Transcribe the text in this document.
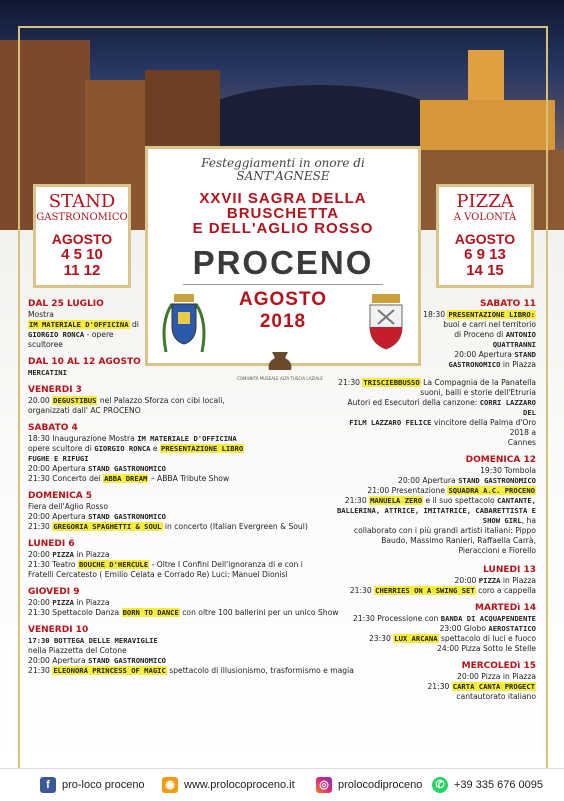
STAND
GASTRONOMICO
AGOSTO
4 5 10
11 12
PIZZA
A VOLONTÀ
AGOSTO
6 9 13
14 15
Festeggiamenti in onore di
SANT'AGNESE
XXVII SAGRA DELLA
BRUSCHETTA
E DELL'AGLIO ROSSO
PROCENO
AGOSTO
2018
COMUNITÀ MUSEALE ALTA TUSCIA LAZIALE
DAL 25 LUGLIO
Mostra
IM MATERIALE D'OFFICINA di
GIORGIO RONCA - opere
scultoree
DAL 10 AL 12 AGOSTO
MERCATINI
VENERDI 3
20.00 DEGUSTIBUS nel Palazzo Sforza con cibi locali,
organizzati dall' AC PROCENO
SABATO 4
18:30 Inaugurazione Mostra IM MATERIALE D'OFFICINA
opere scultore di GIORGIO RONCA e PRESENTAZIONE LIBRO
FUGHE E RIFUGI
20:00 Apertura STAND GASTRONOMICO
21:30 Concerto dei ABBA DREAM – ABBA Tribute Show
DOMENICA 5
Fiera dell'Aglio Rosso
20:00 Apertura STAND GASTRONOMICO
21:30 GREGORIA SPAGHETTI & SOUL in concerto (Italian Evergreen & Soul)
LUNEDI 6
20:00 PIZZA in Piazza
21:30 Teatro BOUCHE D'HERCULE - Oltre I Confini Dell'ignoranza di e con i
Fratelli Cercatesto ( Emilio Celata e Corrado Re) Luci: Manuel Dionisi
GIOVEDI 9
20:00 PIZZA in Piazza
21:30 Spettacolo Danza BORN TO DANCE con oltre 100 ballerini per un unico Show
VENERDI 10
17:30 BOTTEGA DELLE MERAVIGLIE
nella Piazzetta del Cotone
20:00 Apertura STAND GASTRONOMICO
21:30 ELEONORA PRINCESS OF MAGIC spettacolo di illusionismo, trasformismo e magia
SABATO 11
18:30 PRESENTAZIONE LIBRO:
buoi e carri nel territorio
di Proceno di ANTONIO
QUATTRANNI
20:00 Apertura STAND
GASTRONOMICO in Piazza
21:30 TRISCIEBBUSSO La Compagnia de la Panatella
suoni, balli e storie dell'Etruria
Autori ed Esecutori della canzone: CORRI LAZZARO DEL
FILM LAZZARO FELICE vincitore della Palma d'Oro 2018 a
Cannes
DOMENICA 12
19:30 Tombola
20:00 Apertura STAND GASTRONOMICO
21:00 Presentazione SQUADRA A.C. PROCENO
21:30 MANUELA ZERO e il suo spettacolo CANTANTE,
BALLERINA, ATTRICE, IMITATRICE, CABARETTISTA E SHOW GIRL, ha
collaborato con i più grandi artisti italiani: Pippo
Baudo, Massimo Ranieri, Raffaella Carrà,
Pieraccioni e Fiorello
LUNEDI 13
20:00 PIZZA in Piazza
21:30 CHERRIES ON A SWING SET coro a cappella
MARTEDì 14
21:30 Processione con BANDA DI ACQUAPENDENTE
23:00 Globo AEROSTATICO
23:30 LUX ARCANA spettacolo di luci e fuoco
24:00 Pizza Sotto le Stelle
MERCOLEDì 15
20:00 Pizza in Piazza
21:30 CARTA CANTA PROGECT
cantautorato italiano
f	pro-loco proceno ◉ www.prolocoproceno.it ◎ prolocodiproceno	✆ +39 335 676 0095
